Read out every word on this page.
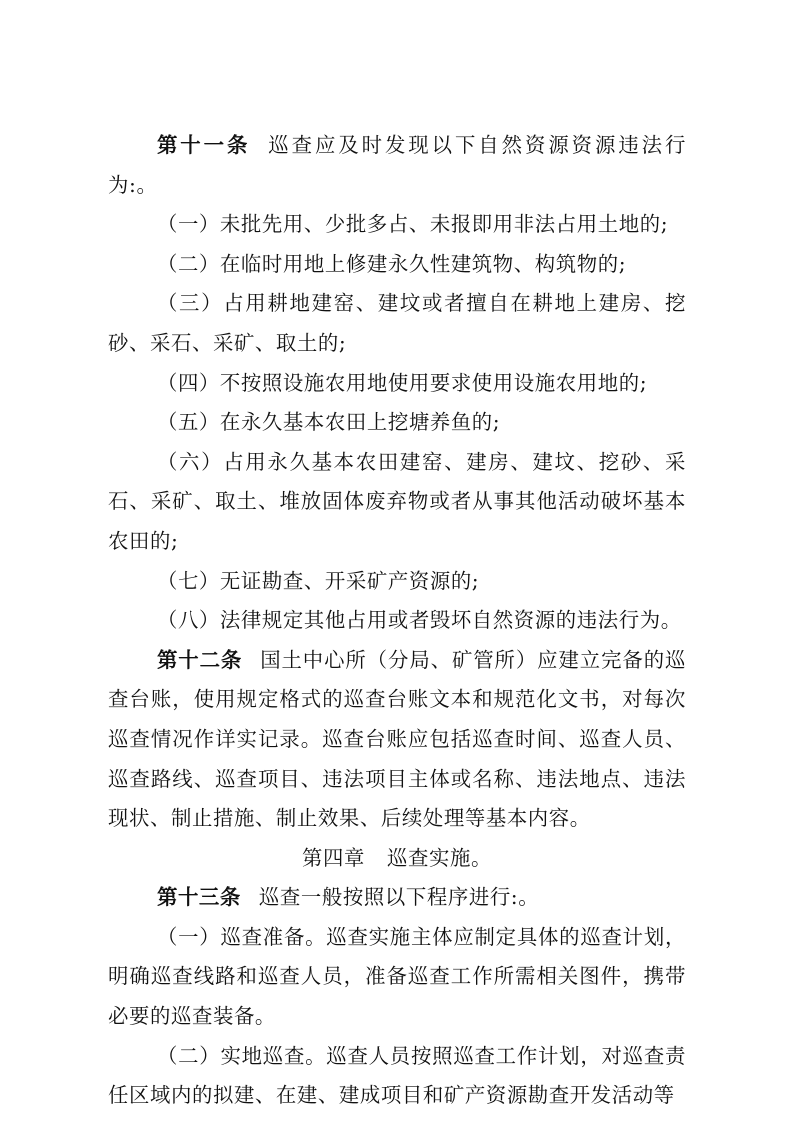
第十一条 巡查应及时发现以下自然资源资源违法行为:。

（一）未批先用、少批多占、未报即用非法占用土地的;

（二）在临时用地上修建永久性建筑物、构筑物的;

（三）占用耕地建窑、建坟或者擅自在耕地上建房、挖砂、采石、采矿、取土的;

（四）不按照设施农用地使用要求使用设施农用地的;

（五）在永久基本农田上挖塘养鱼的;

（六）占用永久基本农田建窑、建房、建坟、挖砂、采石、采矿、取土、堆放固体废弃物或者从事其他活动破坏基本农田的;

（七）无证勘查、开采矿产资源的;

（八）法律规定其他占用或者毁坏自然资源的违法行为。

第十二条 国土中心所（分局、矿管所）应建立完备的巡查台账，使用规定格式的巡查台账文本和规范化文书，对每次巡查情况作详实记录。巡查台账应包括巡查时间、巡查人员、巡查路线、巡查项目、违法项目主体或名称、违法地点、违法现状、制止措施、制止效果、后续处理等基本内容。

第四章 巡查实施。

第十三条 巡查一般按照以下程序进行:。

（一）巡查准备。巡查实施主体应制定具体的巡查计划，明确巡查线路和巡查人员，准备巡查工作所需相关图件，携带必要的巡查装备。

（二）实地巡查。巡查人员按照巡查工作计划，对巡查责任区域内的拟建、在建、建成项目和矿产资源勘查开发活动等
